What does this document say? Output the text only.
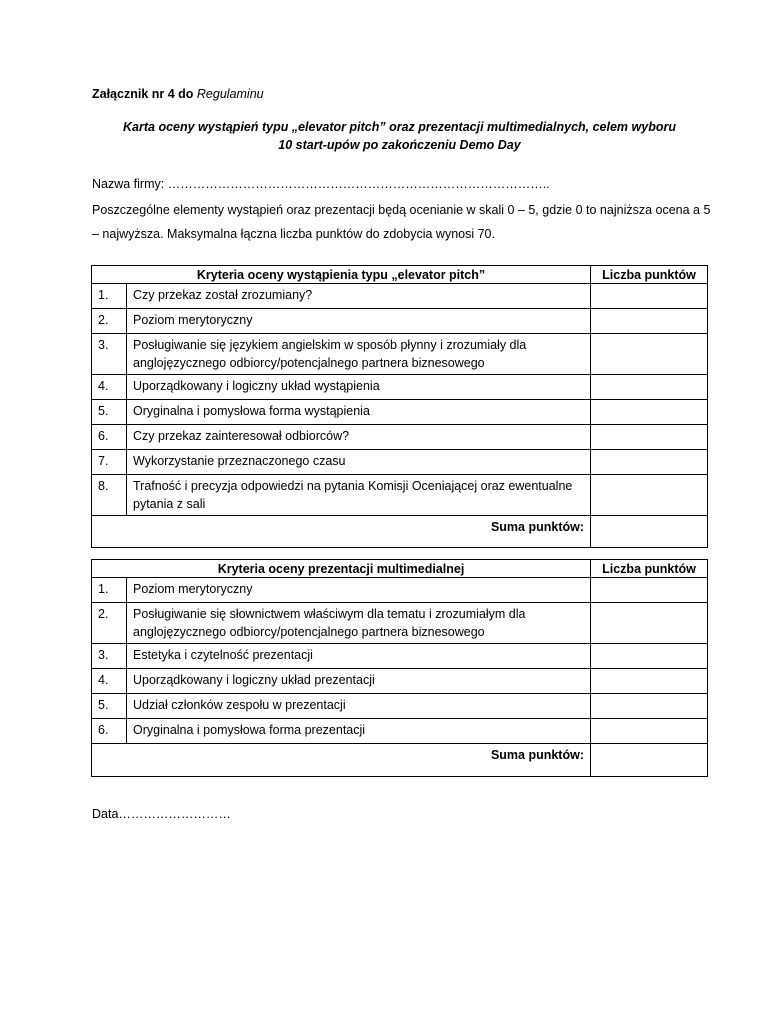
Załącznik nr 4 do Regulaminu
Karta oceny wystąpień typu „elevator pitch” oraz prezentacji multimedialnych, celem wyboru
10 start-upów po zakończeniu Demo Day
Nazwa firmy: ………………………………………………………………………………..
Poszczególne elementy wystąpień oraz prezentacji będą ocenianie w skali 0 – 5, gdzie 0 to najniższa ocena a 5 – najwyższa. Maksymalna łączna liczba punktów do zdobycia wynosi 70.
Kryteria oceny wystąpienia typu „elevator pitch”		Liczba punktów
1.	Czy przekaz został zrozumiany?	
2.	Poziom merytoryczny	
3.	Posługiwanie się językiem angielskim w sposób płynny i zrozumiały dla anglojęzycznego odbiorcy/potencjalnego partnera biznesowego	
4.	Uporządkowany i logiczny układ wystąpienia	
5.	Oryginalna i pomysłowa forma wystąpienia	
6.	Czy przekaz zainteresował odbiorców?	
7.	Wykorzystanie przeznaczonego czasu	
8.	Trafność i precyzja odpowiedzi na pytania Komisji Oceniającej oraz ewentualne pytania z sali	
Suma punktów:		
Kryteria oceny prezentacji multimedialnej		Liczba punktów
1.	Poziom merytoryczny	
2.	Posługiwanie się słownictwem właściwym dla tematu i zrozumiałym dla anglojęzycznego odbiorcy/potencjalnego partnera biznesowego	
3.	Estetyka i czytelność prezentacji	
4.	Uporządkowany i logiczny układ prezentacji	
5.	Udział członków zespołu w prezentacji	
6.	Oryginalna i pomysłowa forma prezentacji	
Suma punktów:		
Data………………………
